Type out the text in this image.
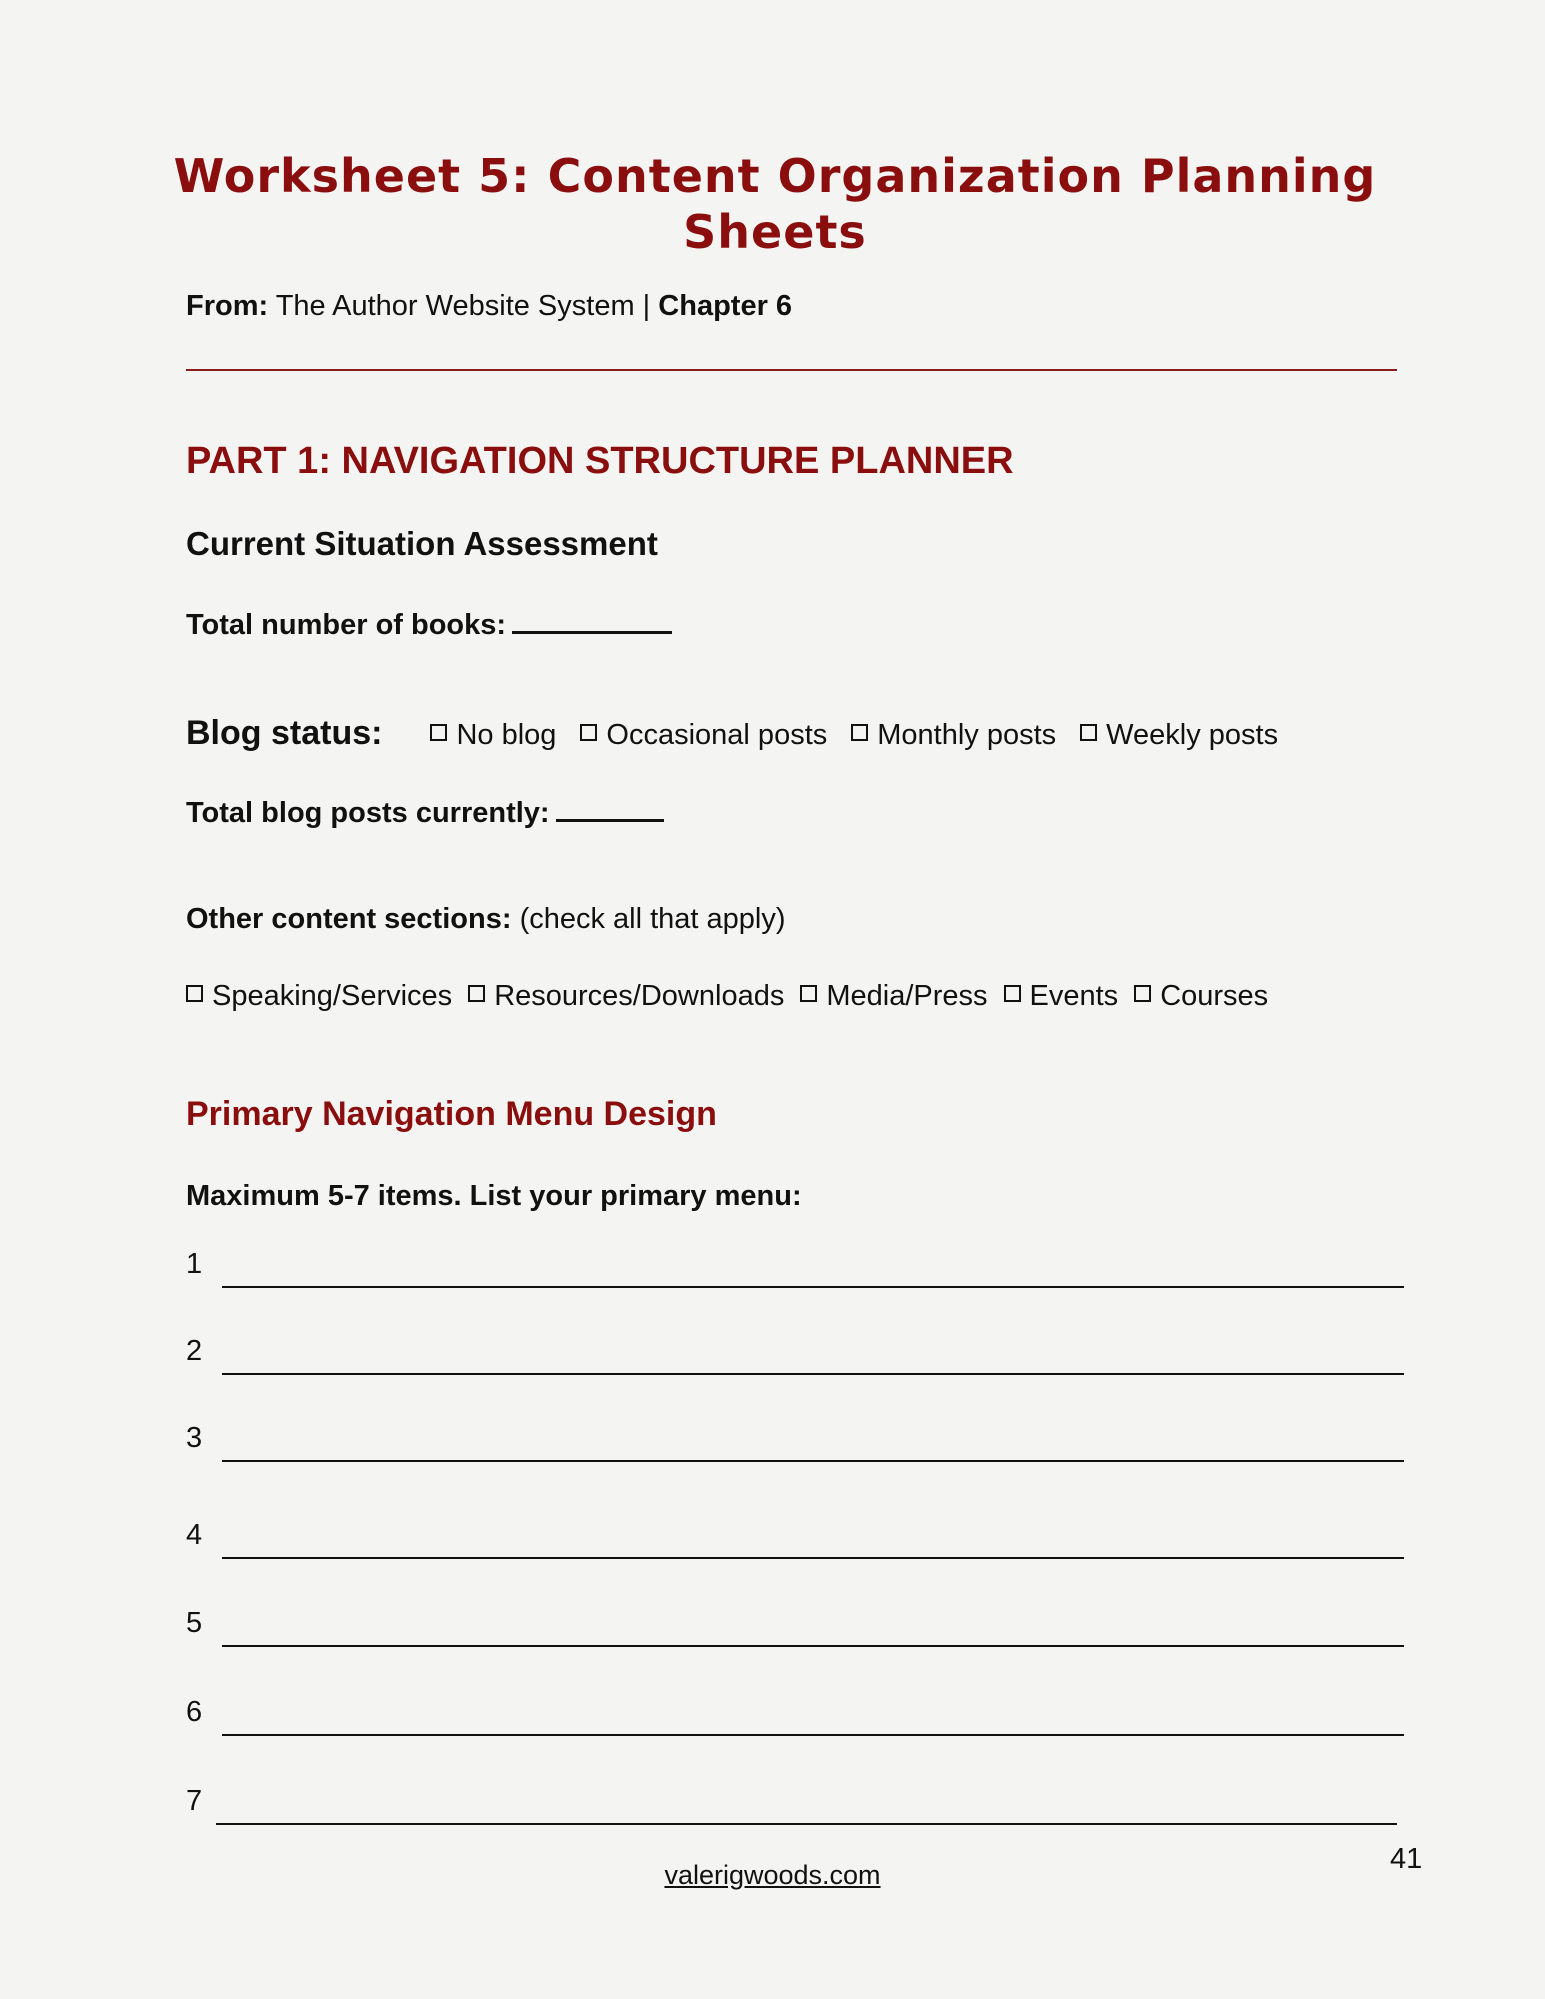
Worksheet 5: Content Organization Planning
Sheets
From: The Author Website System | Chapter 6
PART 1: NAVIGATION STRUCTURE PLANNER
Current Situation Assessment
Total number of books:
Blog status:	No blog Occasional posts Monthly posts Weekly posts
Total blog posts currently:
Other content sections: (check all that apply)
Speaking/Services Resources/Downloads Media/Press Events Courses
Primary Navigation Menu Design
Maximum 5-7 items. List your primary menu:
1
2
3
4
5
6
7
valerigwoods.com	41
